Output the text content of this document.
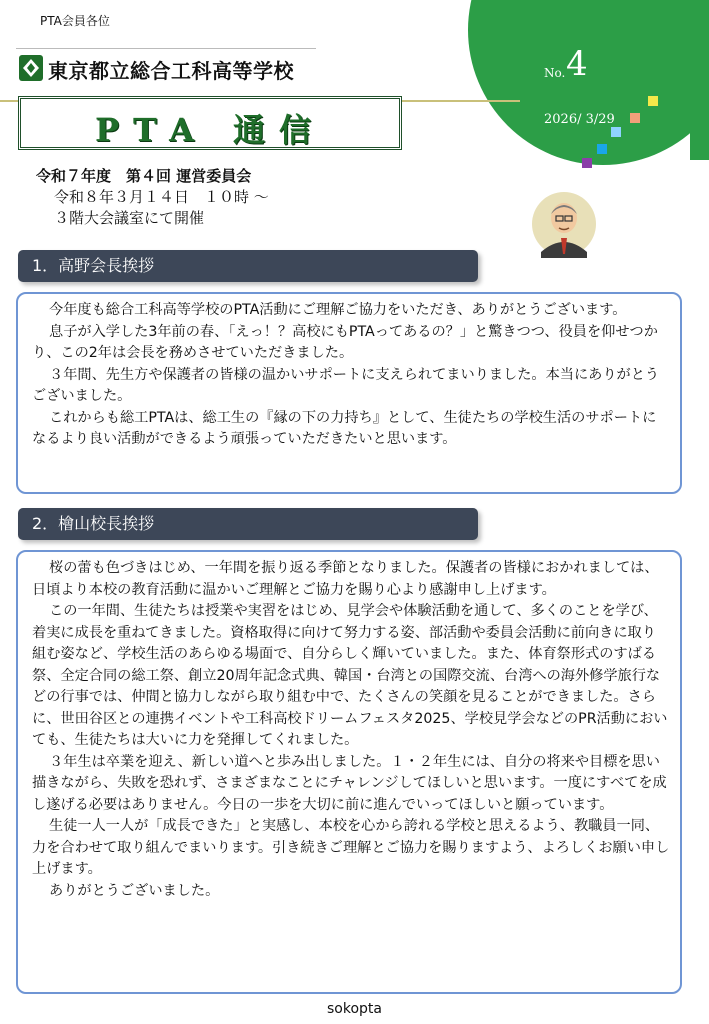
PTA会員各位
東京都立総合工科高等学校
PTA 通信
No. 4
2026/ 3/29
令和７年度　第４回 運営委員会
令和８年３月１４日　１０時 ～
３階大会議室にて開催
1．高野会長挨拶

今年度も総合工科高等学校のPTA活動にご理解ご協力をいただき、ありがとうございます。

息子が入学した3年前の春、「えっ！？高校にもPTAってあるの？」と驚きつつ、役員を仰せつかり、この2年は会長を務めさせていただきました。

３年間、先生方や保護者の皆様の温かいサポートに支えられてまいりました。本当にありがとうございました。

これからも総工PTAは、総工生の『縁の下の力持ち』として、生徒たちの学校生活のサポートになるより良い活動ができるよう頑張っていただきたいと思います。

2．檜山校長挨拶

桜の蕾も色づきはじめ、一年間を振り返る季節となりました。保護者の皆様におかれましては、日頃より本校の教育活動に温かいご理解とご協力を賜り心より感謝申し上げます。

この一年間、生徒たちは授業や実習をはじめ、見学会や体験活動を通して、多くのことを学び、着実に成長を重ねてきました。資格取得に向けて努力する姿、部活動や委員会活動に前向きに取り組む姿など、学校生活のあらゆる場面で、自分らしく輝いていました。また、体育祭形式のすばる祭、全定合同の総工祭、創立20周年記念式典、韓国・台湾との国際交流、台湾への海外修学旅行などの行事では、仲間と協力しながら取り組む中で、たくさんの笑顔を見ることができました。さらに、世田谷区との連携イベントや工科高校ドリームフェスタ2025、学校見学会などのPR活動においても、生徒たちは大いに力を発揮してくれました。

３年生は卒業を迎え、新しい道へと歩み出しました。１・２年生には、自分の将来や目標を思い描きながら、失敗を恐れず、さまざまなことにチャレンジしてほしいと思います。一度にすべてを成し遂げる必要はありません。今日の一歩を大切に前に進んでいってほしいと願っています。

生徒一人一人が「成長できた」と実感し、本校を心から誇れる学校と思えるよう、教職員一同、力を合わせて取り組んでまいります。引き続きご理解とご協力を賜りますよう、よろしくお願い申し上げます。

ありがとうございました。

sokopta
